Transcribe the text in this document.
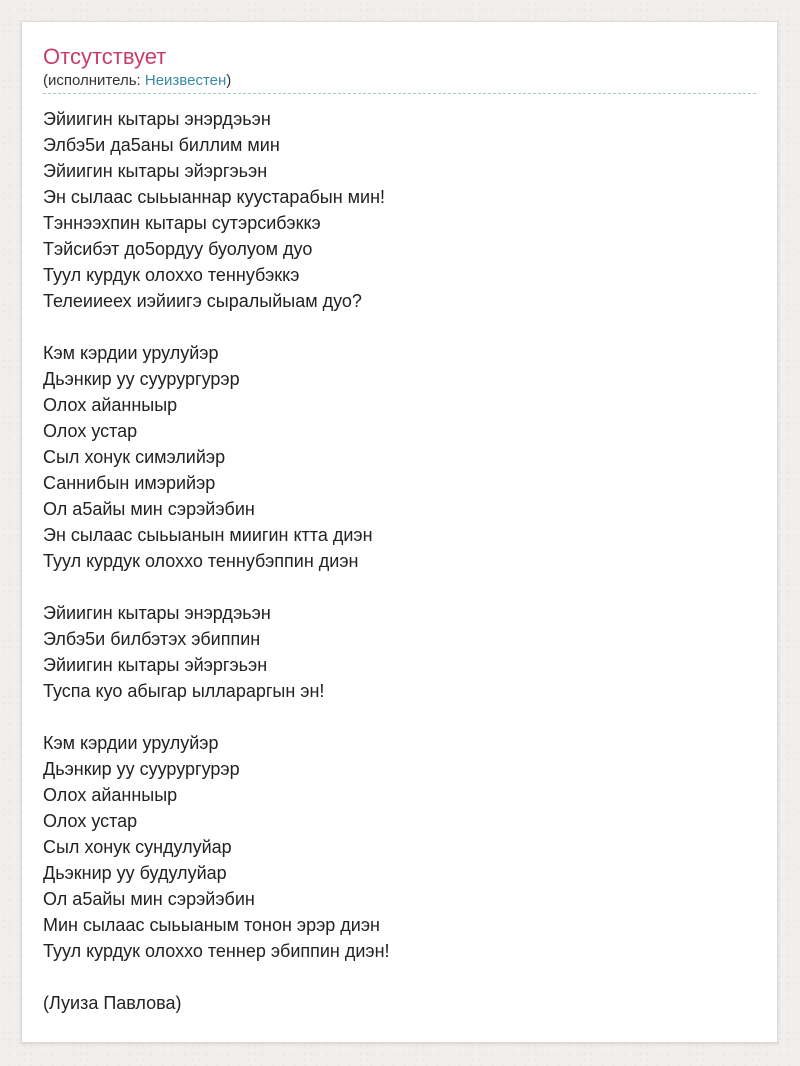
Отсутствует
(исполнитель: Неизвестен)
Эйиигин кытары энэрдэьэн
Элбэ5и да5аны биллим мин
Эйиигин кытары эйэргэьэн
Эн сылаас сыьыаннар куустарабын мин!
Тэннээхпин кытары сутэрсибэккэ
Тэйсибэт до5ордуу буолуом дуо
Туул курдук олоххо теннубэккэ
Телеииеех иэйиигэ сыралыйыам дуо?
Кэм кэрдии урулуйэр
Дьэнкир уу суурургурэр
Олох айанныыр
Олох устар
Сыл хонук симэлийэр
Саннибын имэрийэр
Ол а5айы мин сэрэйэбин
Эн сылаас сыьыанын миигин ктта диэн
Туул курдук олоххо теннубэппин диэн
Эйиигин кытары энэрдэьэн
Элбэ5и билбэтэх эбиппин
Эйиигин кытары эйэргэьэн
Туспа куо абыгар ыллараргын эн!
Кэм кэрдии урулуйэр
Дьэнкир уу суурургурэр
Олох айанныыр
Олох устар
Сыл хонук сундулуйар
Дьэкнир уу будулуйар
Ол а5айы мин сэрэйэбин
Мин сылаас сыьыаным тонон эрэр диэн
Туул курдук олоххо теннер эбиппин диэн!
(Луиза Павлова)
